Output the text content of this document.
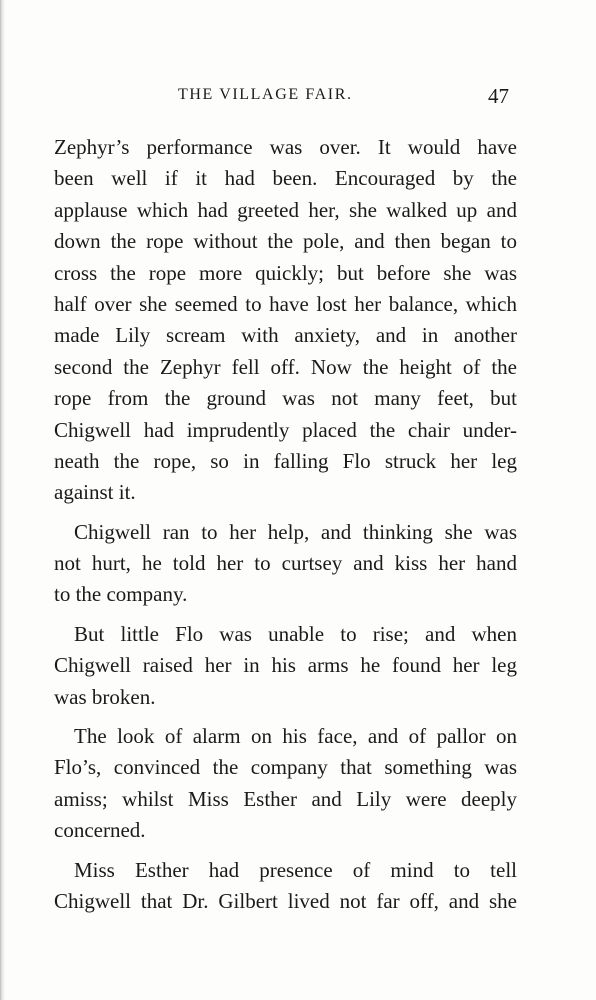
THE VILLAGE FAIR.	47
Zephyr’s performance was over. It would have
been well if it had been. Encouraged by the
applause which had greeted her, she walked up and
down the rope without the pole, and then began to
cross the rope more quickly; but before she was
half over she seemed to have lost her balance, which
made Lily scream with anxiety, and in another
second the Zephyr fell off. Now the height of the
rope from the ground was not many feet, but
Chigwell had imprudently placed the chair under-
neath the rope, so in falling Flo struck her leg
against it.
Chigwell ran to her help, and thinking she was
not hurt, he told her to curtsey and kiss her hand
to the company.
But little Flo was unable to rise; and when
Chigwell raised her in his arms he found her leg
was broken.
The look of alarm on his face, and of pallor on
Flo’s, convinced the company that something was
amiss; whilst Miss Esther and Lily were deeply
concerned.
Miss Esther had presence of mind to tell
Chigwell that Dr. Gilbert lived not far off, and she
